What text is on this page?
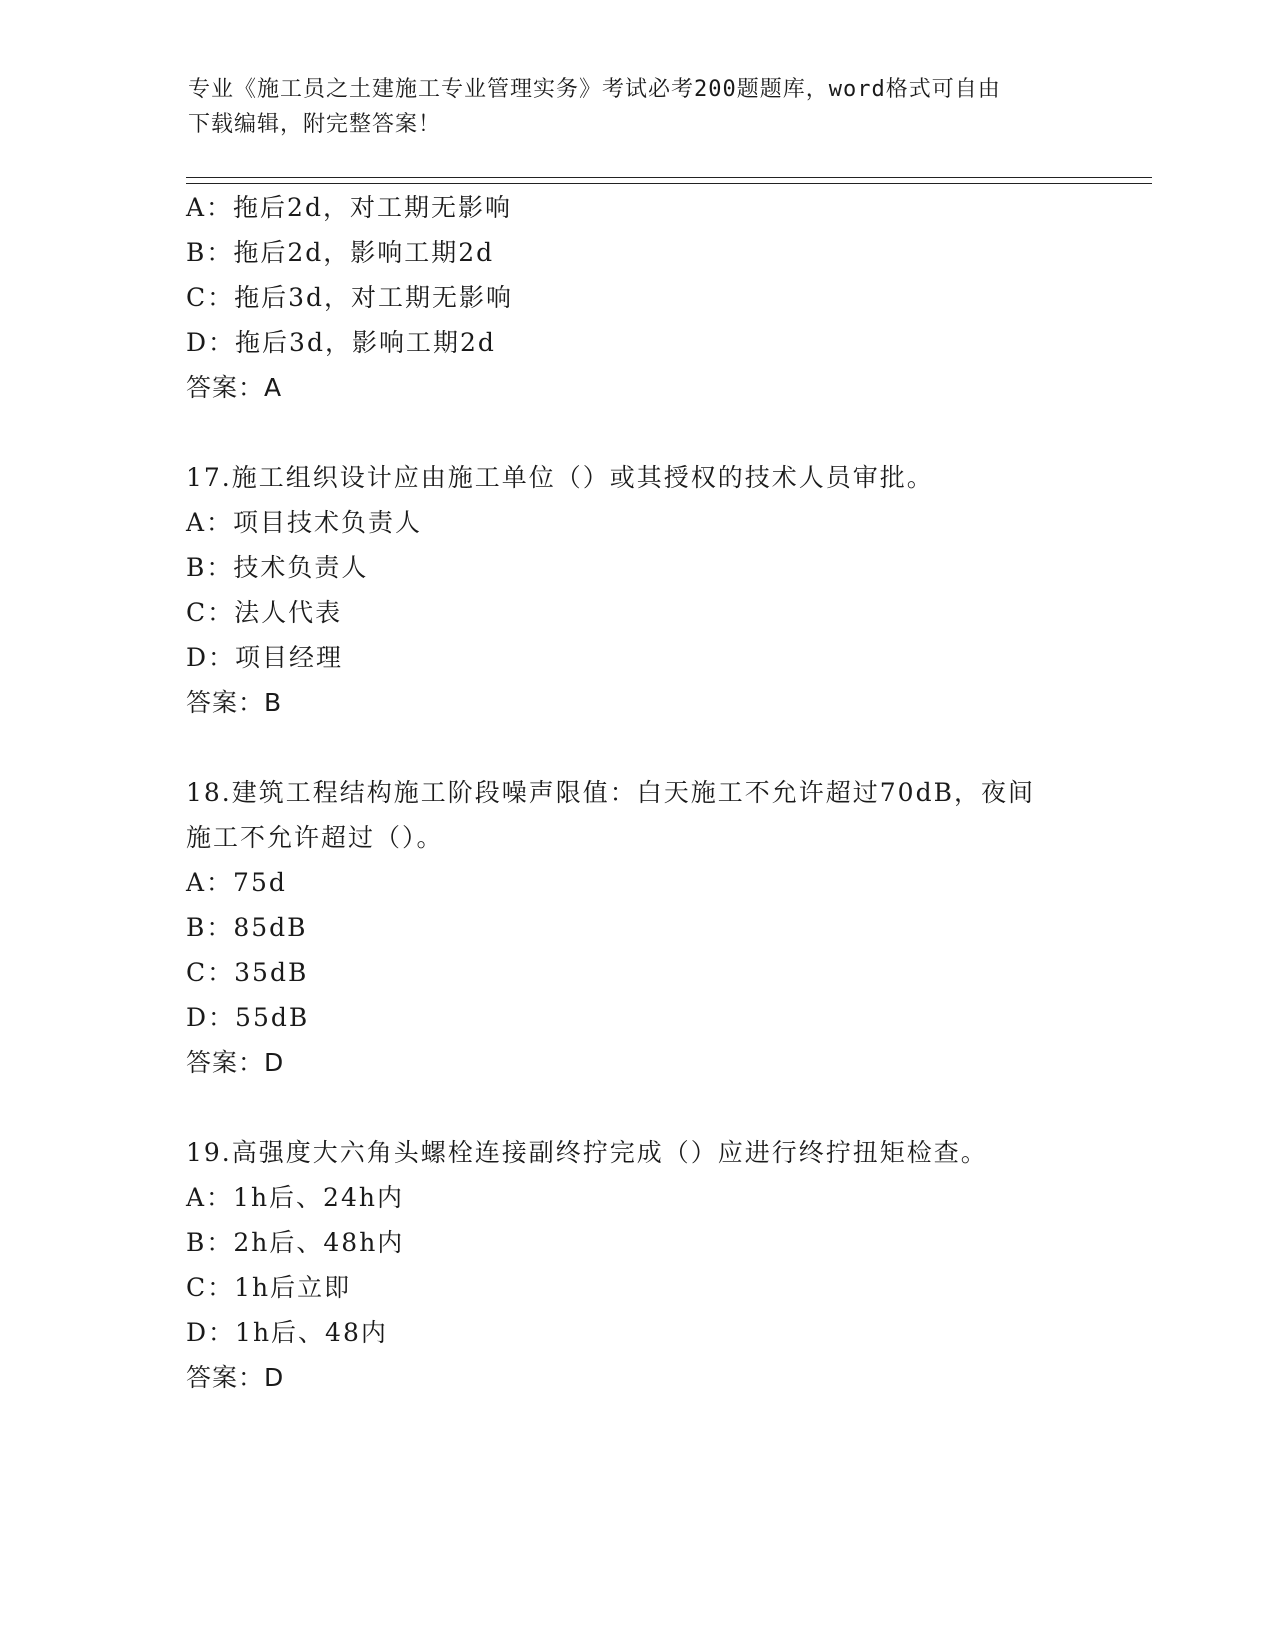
专业《施工员之土建施工专业管理实务》考试必考200题题库，word格式可自由
下载编辑，附完整答案！
A：拖后2d，对工期无影响
B：拖后2d，影响工期2d
C：拖后3d，对工期无影响
D：拖后3d，影响工期2d
答案：A
17.施工组织设计应由施工单位（）或其授权的技术人员审批。
A：项目技术负责人
B：技术负责人
C：法人代表
D：项目经理
答案：B
18.建筑工程结构施工阶段噪声限值：白天施工不允许超过70dB，夜间
施工不允许超过（）。
A：75d
B：85dB
C：35dB
D：55dB
答案：D
19.高强度大六角头螺栓连接副终拧完成（）应进行终拧扭矩检查。
A：1h后、24h内
B：2h后、48h内
C：1h后立即
D：1h后、48内
答案：D
